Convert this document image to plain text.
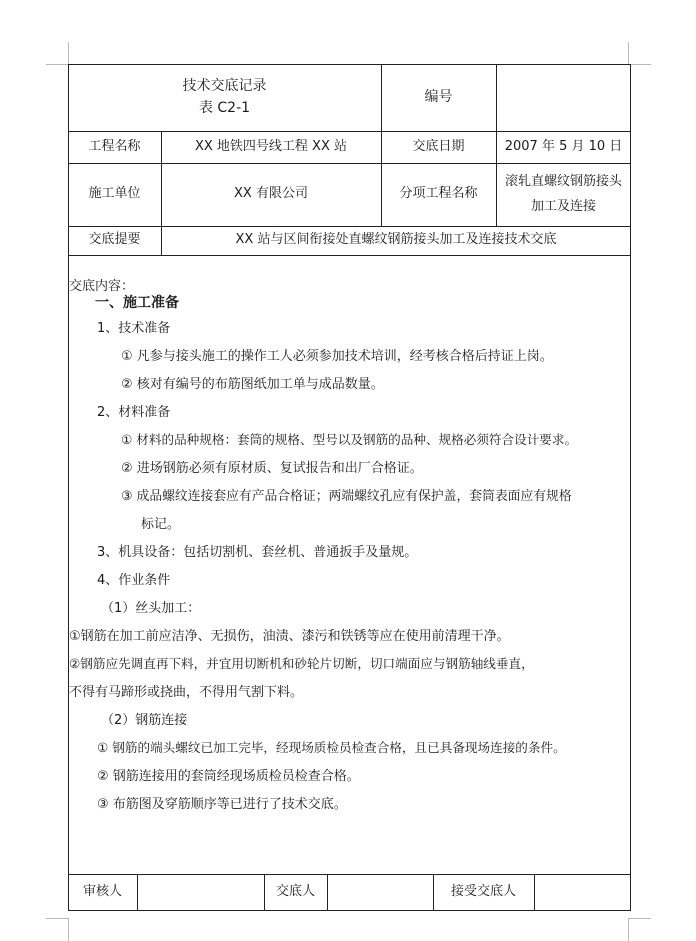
技术交底记录
表 C2-1
编号
工程名称	XX 地铁四号线工程 XX 站	交底日期	2007 年 5 月 10 日
施工单位	XX 有限公司	分项工程名称
滚轧直螺纹钢筋接头
加工及连接
交底提要	XX 站与区间衔接处直螺纹钢筋接头加工及连接技术交底
交底内容：
一、施工准备
1、技术准备
① 凡参与接头施工的操作工人必须参加技术培训，经考核合格后持证上岗。
② 核对有编号的布筋图纸加工单与成品数量。
2、材料准备
① 材料的品种规格：套筒的规格、型号以及钢筋的品种、规格必须符合设计要求。
② 进场钢筋必须有原材质、复试报告和出厂合格证。
③ 成品螺纹连接套应有产品合格证；两端螺纹孔应有保护盖，套筒表面应有规格
标记。
3、机具设备：包括切割机、套丝机、普通扳手及量规。
4、作业条件
（1）丝头加工：
①钢筋在加工前应洁净、无损伤，油渍、漆污和铁锈等应在使用前清理干净。
②钢筋应先调直再下料，并宜用切断机和砂轮片切断，切口端面应与钢筋轴线垂直，
不得有马蹄形或挠曲，不得用气割下料。
（2）钢筋连接
① 钢筋的端头螺纹已加工完毕，经现场质检员检查合格，且已具备现场连接的条件。
② 钢筋连接用的套筒经现场质检员检查合格。
③ 布筋图及穿筋顺序等已进行了技术交底。
审核人	交底人	接受交底人
